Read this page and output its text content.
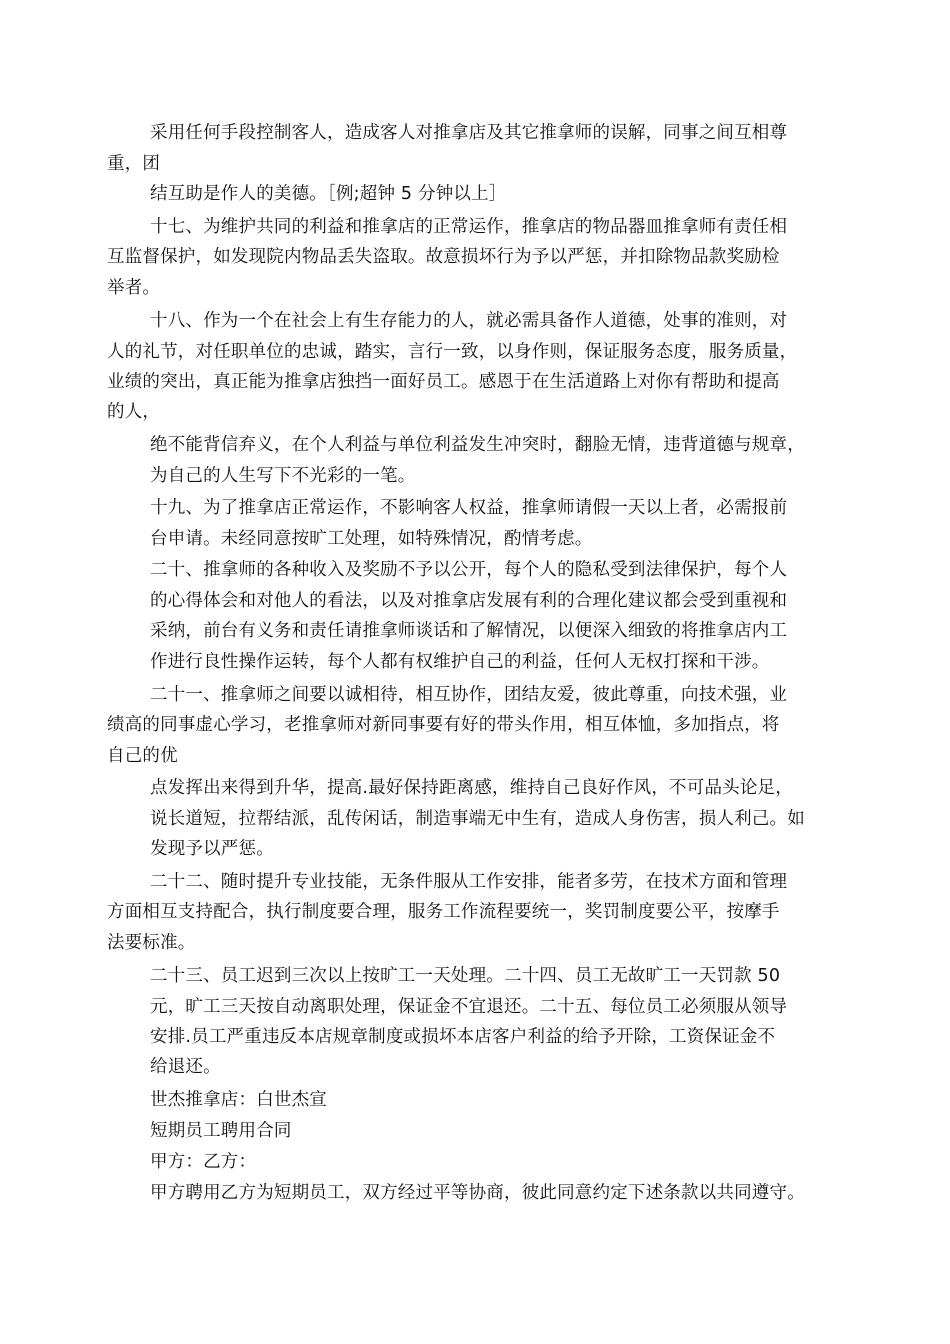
采用任何手段控制客人，造成客人对推拿店及其它推拿师的误解，同事之间互相尊

重，团

结互助是作人的美德。［例;超钟 5 分钟以上］

十七、为维护共同的利益和推拿店的正常运作，推拿店的物品器皿推拿师有责任相

互监督保护，如发现院内物品丢失盗取。故意损坏行为予以严惩，并扣除物品款奖励检

举者。

十八、作为一个在社会上有生存能力的人，就必需具备作人道德，处事的准则，对

人的礼节，对任职单位的忠诚，踏实，言行一致，以身作则，保证服务态度，服务质量，

业绩的突出，真正能为推拿店独挡一面好员工。感恩于在生活道路上对你有帮助和提高

的人，

绝不能背信弃义，在个人利益与单位利益发生冲突时，翻脸无情，违背道德与规章，

为自己的人生写下不光彩的一笔。

十九、为了推拿店正常运作，不影响客人权益，推拿师请假一天以上者，必需报前

台申请。未经同意按旷工处理，如特殊情况，酌情考虑。

二十、推拿师的各种收入及奖励不予以公开，每个人的隐私受到法律保护，每个人

的心得体会和对他人的看法，以及对推拿店发展有利的合理化建议都会受到重视和

采纳，前台有义务和责任请推拿师谈话和了解情况，以便深入细致的将推拿店内工

作进行良性操作运转，每个人都有权维护自己的利益，任何人无权打探和干涉。

二十一、推拿师之间要以诚相待，相互协作，团结友爱，彼此尊重，向技术强，业

绩高的同事虚心学习，老推拿师对新同事要有好的带头作用，相互体恤，多加指点，将

自己的优

点发挥出来得到升华，提高.最好保持距离感，维持自己良好作风，不可品头论足，

说长道短，拉帮结派，乱传闲话，制造事端无中生有，造成人身伤害，损人利己。如

发现予以严惩。

二十二、随时提升专业技能，无条件服从工作安排，能者多劳，在技术方面和管理

方面相互支持配合，执行制度要合理，服务工作流程要统一，奖罚制度要公平，按摩手

法要标准。

二十三、员工迟到三次以上按旷工一天处理。二十四、员工无故旷工一天罚款 50

元，旷工三天按自动离职处理，保证金不宜退还。二十五、每位员工必须服从领导

安排.员工严重违反本店规章制度或损坏本店客户利益的给予开除，工资保证金不

给退还。

世杰推拿店：白世杰宣

短期员工聘用合同

甲方：乙方：

甲方聘用乙方为短期员工，双方经过平等协商，彼此同意约定下述条款以共同遵守。
